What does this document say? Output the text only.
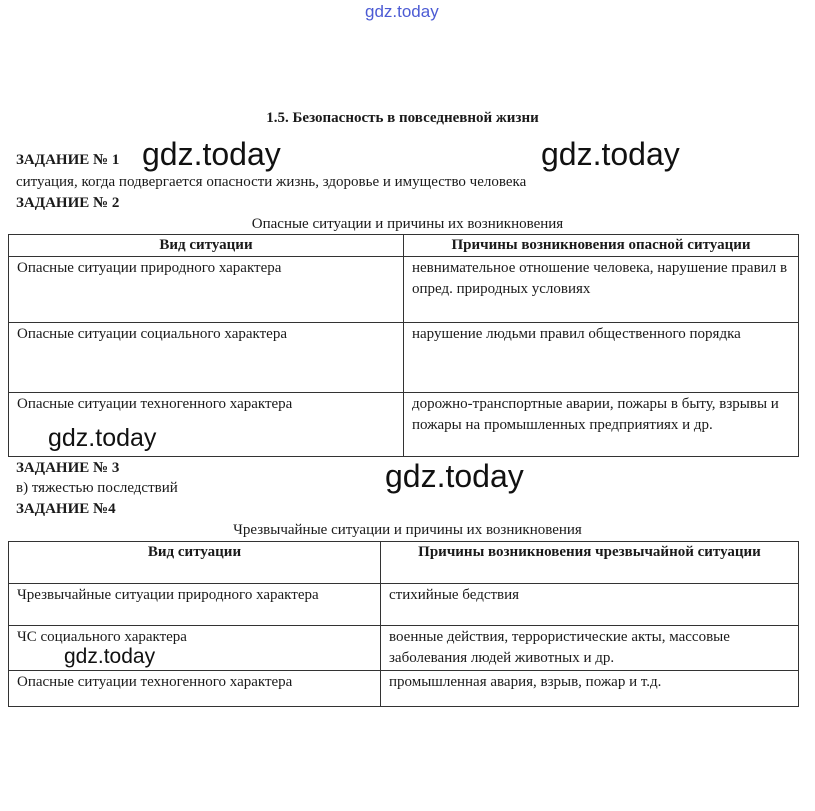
gdz.today
1.5. Безопасность в повседневной жизни
ЗАДАНИЕ № 1
ситуация, когда подвергается опасности жизнь, здоровье и имущество человека
ЗАДАНИЕ № 2
Опасные ситуации и причины их возникновения
Вид ситуации	Причины возникновения опасной ситуации
Опасные ситуации природного характера	невнимательное отношение человека, нарушение правил в опред. природных условиях
Опасные ситуации социального характера	нарушение людьми правил общественного порядка
Опасные ситуации техногенного характера	дорожно-транспортные аварии, пожары в быту, взрывы и пожары на промышленных предприятиях и др.
ЗАДАНИЕ № 3
в) тяжестью последствий
ЗАДАНИЕ №4
Чрезвычайные ситуации и причины их возникновения
Вид ситуации	Причины возникновения чрезвычайной ситуации
Чрезвычайные ситуации природного характера	стихийные бедствия
ЧС социального характера	военные действия, террористические акты, массовые заболевания людей животных и др.
Опасные ситуации техногенного характера	промышленная авария, взрыв, пожар и т.д.
gdz.today	gdz.today
gdz.today
gdz.today
gdz.today
